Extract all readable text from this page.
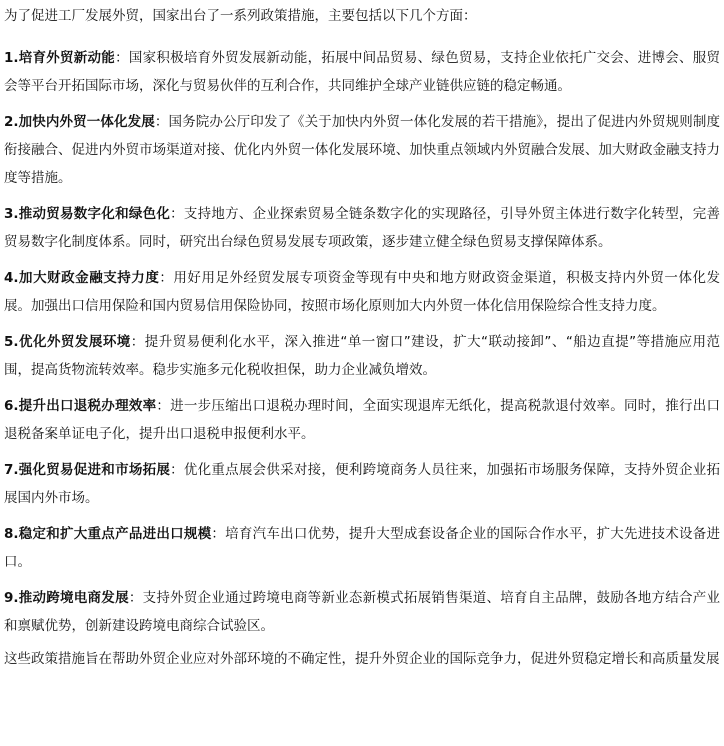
为了促进工厂发展外贸，国家出台了一系列政策措施，主要包括以下几个方面：

1.培育外贸新动能：国家积极培育外贸发展新动能，拓展中间品贸易、绿色贸易，支持企业依托广交会、进博会、服贸会等平台开拓国际市场，深化与贸易伙伴的互利合作，共同维护全球产业链供应链的稳定畅通。

2.加快内外贸一体化发展：国务院办公厅印发了《关于加快内外贸一体化发展的若干措施》，提出了促进内外贸规则制度衔接融合、促进内外贸市场渠道对接、优化内外贸一体化发展环境、加快重点领域内外贸融合发展、加大财政金融支持力度等措施。

3.推动贸易数字化和绿色化：支持地方、企业探索贸易全链条数字化的实现路径，引导外贸主体进行数字化转型，完善贸易数字化制度体系。同时，研究出台绿色贸易发展专项政策，逐步建立健全绿色贸易支撑保障体系。

4.加大财政金融支持力度：用好用足外经贸发展专项资金等现有中央和地方财政资金渠道，积极支持内外贸一体化发展。加强出口信用保险和国内贸易信用保险协同，按照市场化原则加大内外贸一体化信用保险综合性支持力度。

5.优化外贸发展环境：提升贸易便利化水平，深入推进“单一窗口”建设，扩大“联动接卸”、“船边直提”等措施应用范围，提高货物流转效率。稳步实施多元化税收担保，助力企业减负增效。

6.提升出口退税办理效率：进一步压缩出口退税办理时间，全面实现退库无纸化，提高税款退付效率。同时，推行出口退税备案单证电子化，提升出口退税申报便利水平。

7.强化贸易促进和市场拓展：优化重点展会供采对接，便利跨境商务人员往来，加强拓市场服务保障，支持外贸企业拓展国内外市场。

8.稳定和扩大重点产品进出口规模：培育汽车出口优势，提升大型成套设备企业的国际合作水平，扩大先进技术设备进口。

9.推动跨境电商发展：支持外贸企业通过跨境电商等新业态新模式拓展销售渠道、培育自主品牌，鼓励各地方结合产业和禀赋优势，创新建设跨境电商综合试验区。

这些政策措施旨在帮助外贸企业应对外部环境的不确定性，提升外贸企业的国际竞争力，促进外贸稳定增长和高质量发展
